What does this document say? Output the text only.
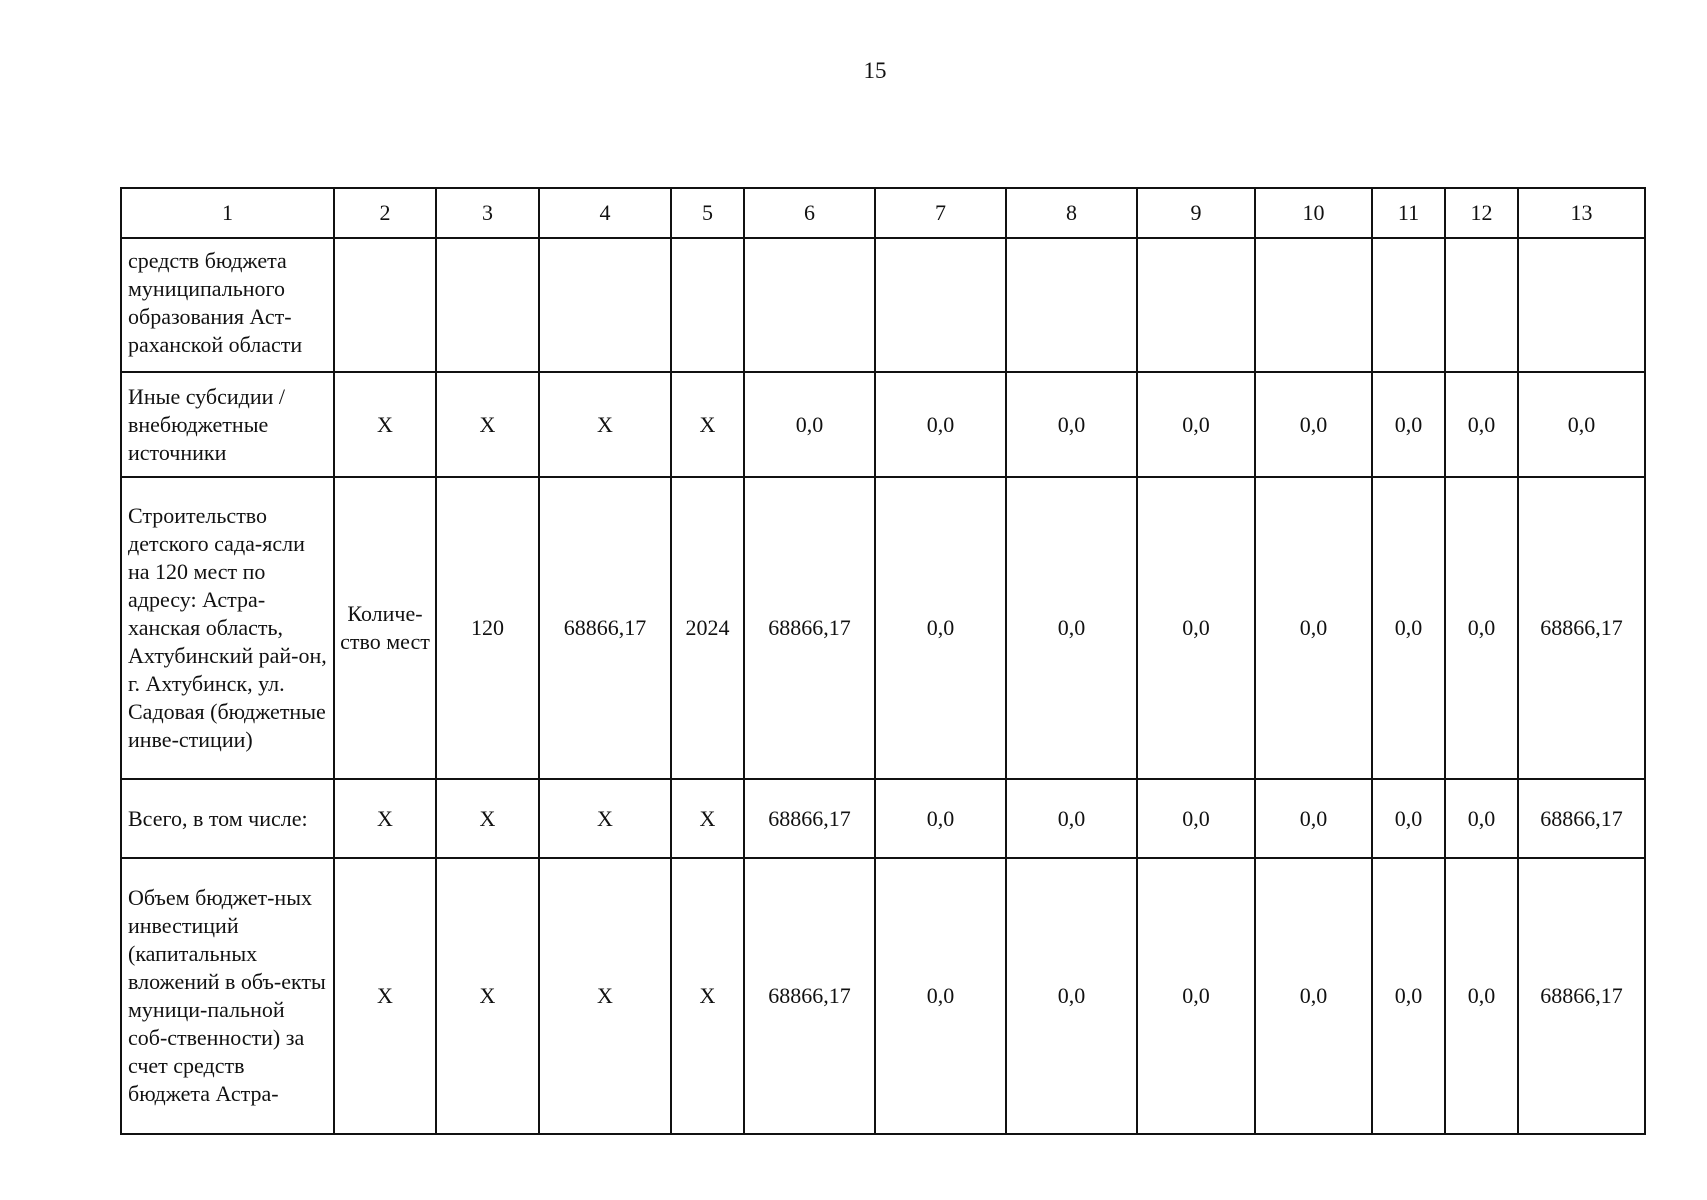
15
1	2	3	4	5	6	7	8	9	10	11	12	13
средств бюджета муниципального образования Аст-раханской области												
Иные субсидии / внебюджетные источники	Х	Х	Х	Х	0,0	0,0	0,0	0,0	0,0	0,0	0,0	0,0
Строительство детского сада-ясли на 120 мест по адресу: Астра-ханская область, Ахтубинский рай-он, г. Ахтубинск, ул. Садовая (бюджетные инве-стиции)	Количе-ство мест	120	68866,17	2024	68866,17	0,0	0,0	0,0	0,0	0,0	0,0	68866,17
Всего, в том числе:	Х	Х	Х	Х	68866,17	0,0	0,0	0,0	0,0	0,0	0,0	68866,17
Объем бюджет-ных инвестиций (капитальных вложений в объ-екты муници-пальной соб-ственности) за счет средств бюджета Астра-	Х	Х	Х	Х	68866,17	0,0	0,0	0,0	0,0	0,0	0,0	68866,17
